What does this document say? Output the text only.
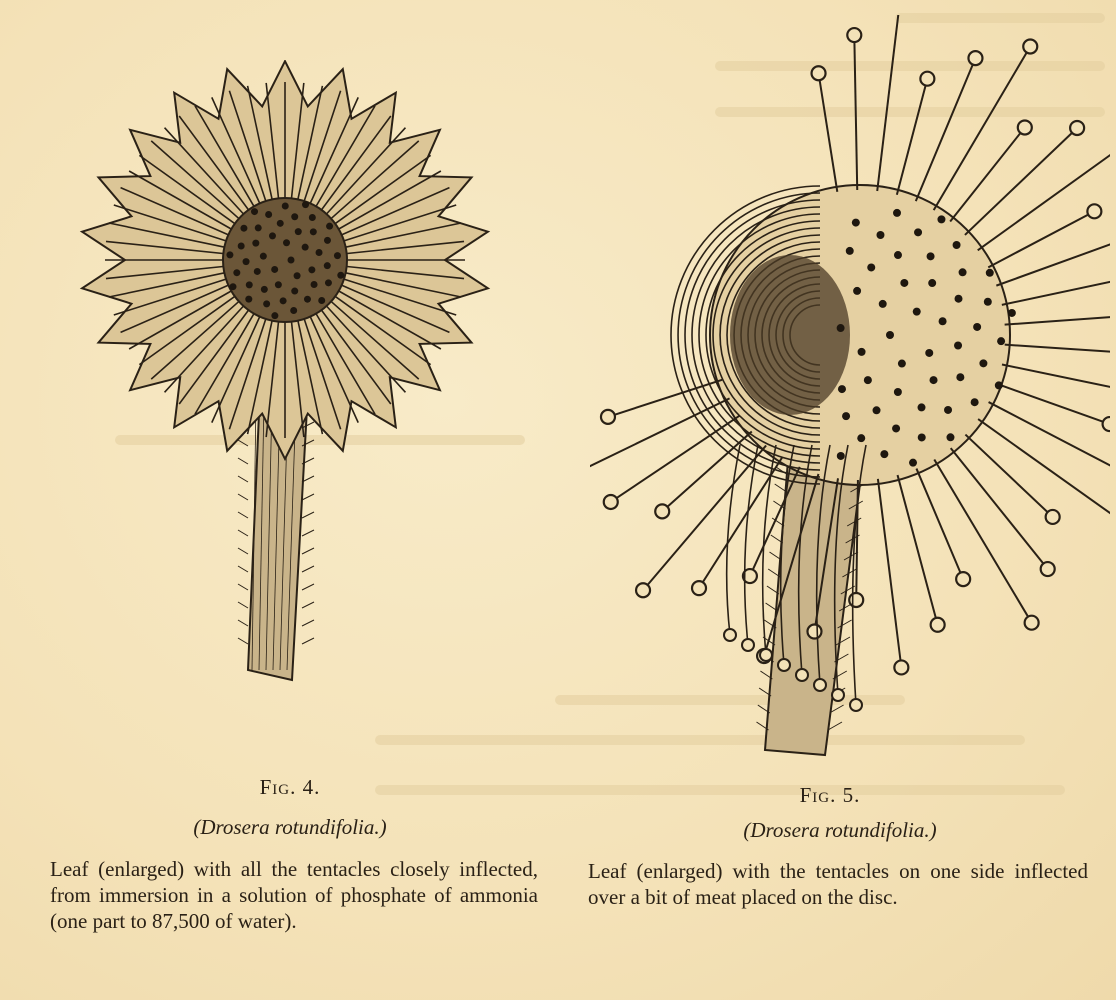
Fig. 4.
(Drosera rotundifolia.)
Leaf (enlarged) with all the tentacles closely inflected, from immersion in a solution of phosphate of ammonia (one part to 87,500 of water).
Fig. 5.
(Drosera rotundifolia.)
Leaf (enlarged) with the tentacles on one side inflected over a bit of meat placed on the disc.
